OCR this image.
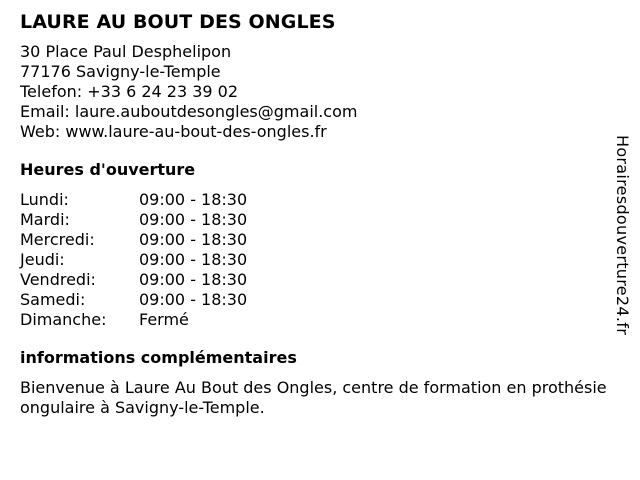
LAURE AU BOUT DES ONGLES
30 Place Paul Desphelipon
77176 Savigny-le-Temple
Telefon: +33 6 24 23 39 02
Email: laure.auboutdesongles@gmail.com
Web: www.laure-au-bout-des-ongles.fr
Heures d'ouverture
Lundi:	09:00 - 18:30
Mardi:	09:00 - 18:30
Mercredi:	09:00 - 18:30
Jeudi:	09:00 - 18:30
Vendredi:	09:00 - 18:30
Samedi:	09:00 - 18:30
Dimanche:	Fermé
informations complémentaires
Bienvenue à Laure Au Bout des Ongles, centre de formation en prothésie ongulaire à Savigny-le-Temple.
Horairesdouverture24.fr
